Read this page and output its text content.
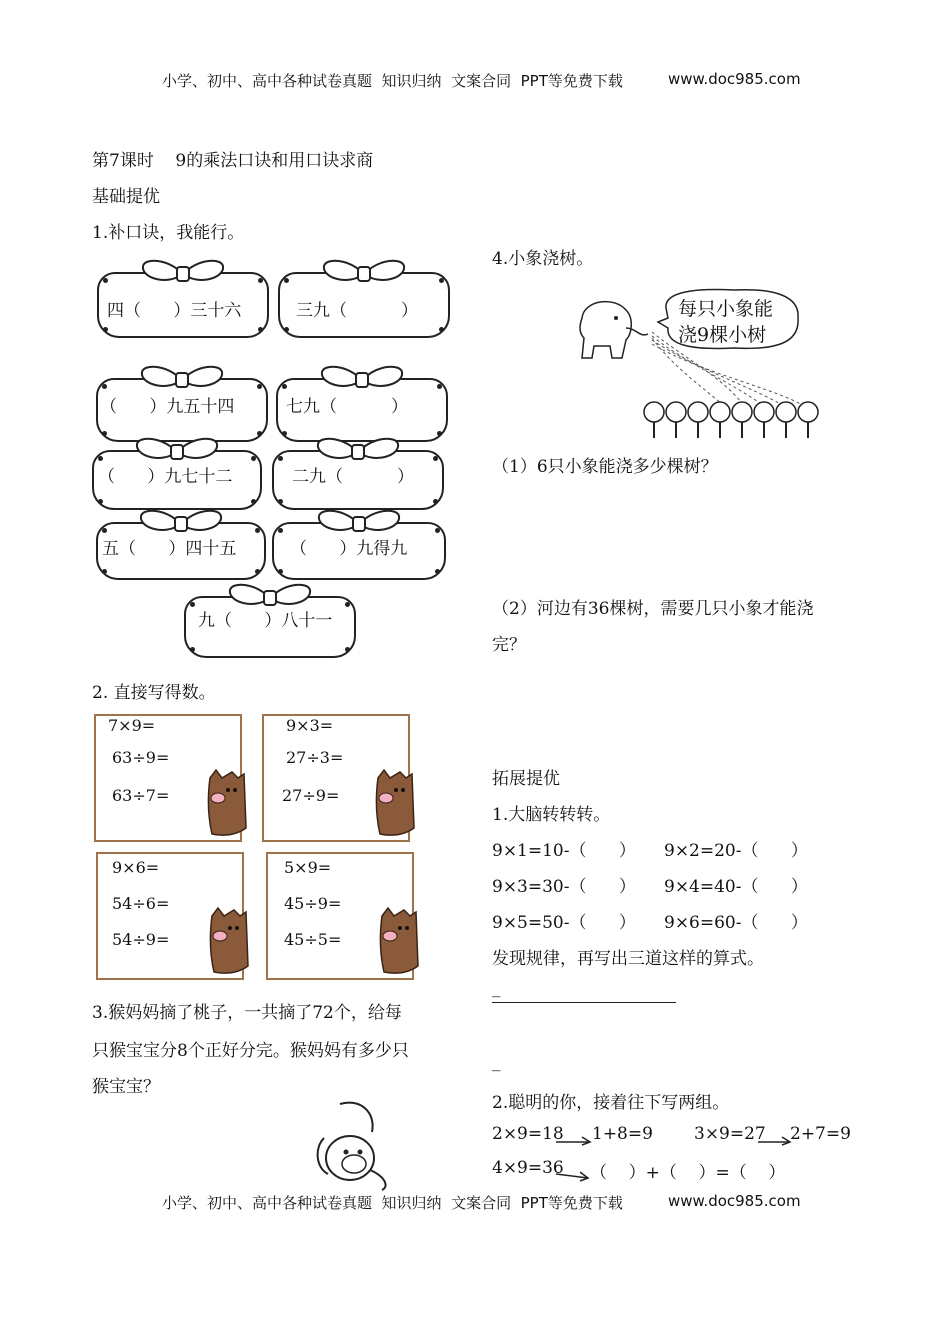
小学、初中、高中各种试卷真题  知识归纳  文案合同  PPT等免费下载	www.doc985.com
第7课时    9的乘法口诀和用口诀求商
基础提优
1.补口诀，我能行。
四（      ）三十六	三九（          ）
（      ）九五十四	七九（          ）
（      ）九七十二	二九（          ）
五（      ）四十五	（      ）九得九
九（      ）八十一
2. 直接写得数。
7×9=
63÷9=
63÷7=
9×3=
27÷3=
27÷9=
9×6=
54÷6=
54÷9=
5×9=
45÷9=
45÷5=
3.猴妈妈摘了桃子，一共摘了72个，给每
只猴宝宝分8个正好分完。猴妈妈有多少只
猴宝宝？
4.小象浇树。
每只小象能
浇9棵小树
（1）6只小象能浇多少棵树？
（2）河边有36棵树，需要几只小象才能浇
完？
拓展提优
1.大脑转转转。
9×1=10-（      ） 9×2=20-（      ）
9×3=30-（      ） 9×4=40-（      ）
9×5=50-（      ） 9×6=60-（      ）
发现规律，再写出三道这样的算式。
_
_
2.聪明的你，接着往下写两组。
2×9=18 1+8=9 3×9=27 2+7=9
4×9=36 （    ）+（    ）=（    ）
小学、初中、高中各种试卷真题  知识归纳  文案合同  PPT等免费下载	www.doc985.com
